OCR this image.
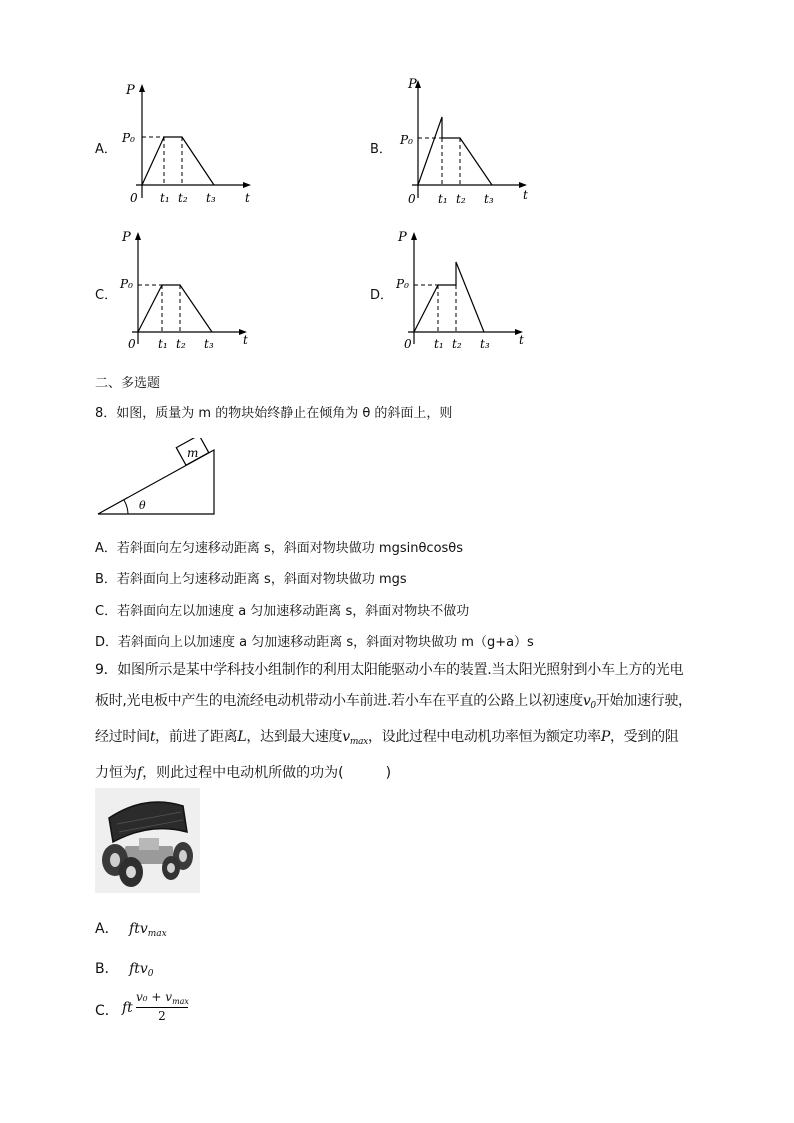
A．
P
P₀
0 t₁ t₂ t₃ t
B．
P
P₀
0 t₁ t₂ t₃ t
C．
P
P₀
0 t₁ t₂ t₃ t
D．
P
P₀
0 t₁ t₂ t₃ t
二、多选题
8．如图，质量为 m 的物块始终静止在倾角为 θ 的斜面上，则
m
θ
A．若斜面向左匀速移动距离 s，斜面对物块做功 mgsinθcosθs
B．若斜面向上匀速移动距离 s，斜面对物块做功 mgs
C．若斜面向左以加速度 a 匀加速移动距离 s，斜面对物块不做功
D．若斜面向上以加速度 a 匀加速移动距离 s，斜面对物块做功 m（g+a）s
9．如图所示是某中学科技小组制作的利用太阳能驱动小车的装置.当太阳光照射到小车上方的光电
板时,光电板中产生的电流经电动机带动小车前进.若小车在平直的公路上以初速度$v_0$开始加速行驶，
经过时间t，前进了距离L，达到最大速度$v_{max}$，设此过程中电动机功率恒为额定功率P，受到的阻
力恒为f，则此过程中电动机所做的功为(　　　)
A． ftv$_{max}$
B． ftv$_0$
C． ft
$v_0 + v_{max}$
2
